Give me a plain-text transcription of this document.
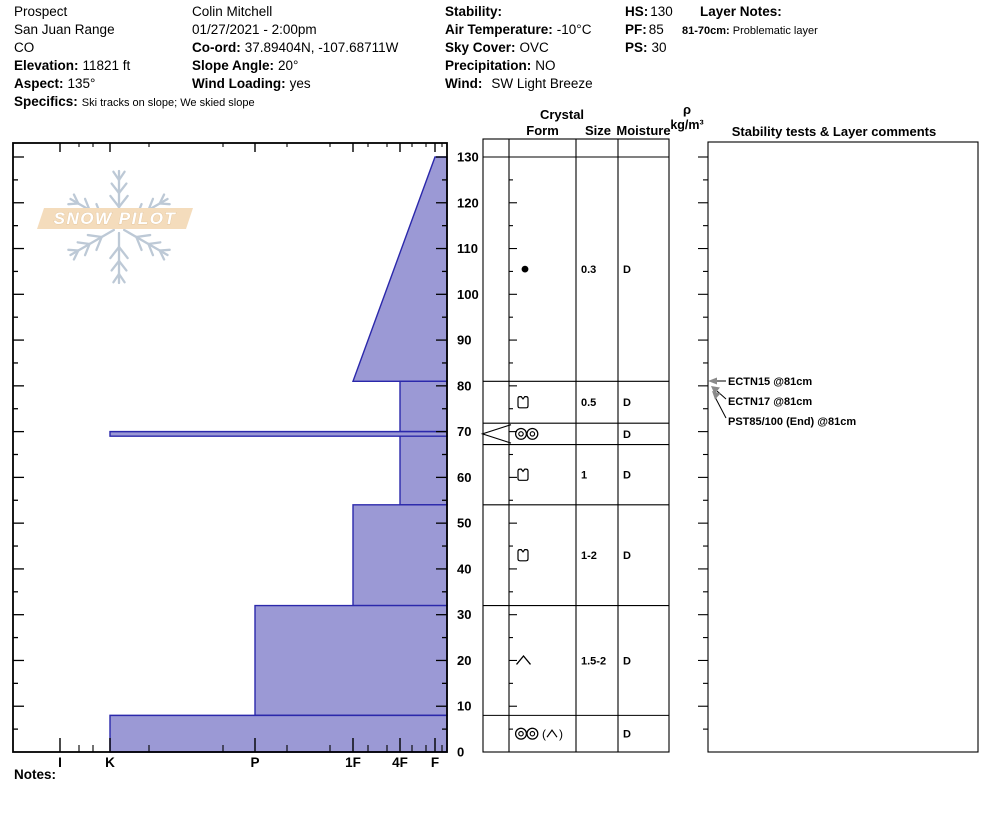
SNOW PILOT
130
120
110
100
90
80
70
60
50
40
30
20
10
0
I	K	P	1F 4F F
0.3 D
0.5 D
D
1	D
1-2 D
1.5-2 D
( )	D
Crystal
Form Size Moisture
ρ
kg/m³ Stability tests & Layer comments
ECTN15 @81cm
ECTN17 @81cm
PST85/100 (End) @81cm
Prospect
San Juan Range
CO
Elevation: 11821 ft
Aspect: 135°
Specifics: Ski tracks on slope; We skied slope
Colin Mitchell
01/27/2021 - 2:00pm
Co-ord: 37.89404N, -107.68711W
Slope Angle: 20°
Wind Loading: yes
Stability:
Air Temperature: -10°C
Sky Cover: OVC
Precipitation: NO
Wind: SW Light Breeze
HS: 130
PF: 85
PS: 30
Layer Notes:
81-70cm: Problematic layer
Notes:
